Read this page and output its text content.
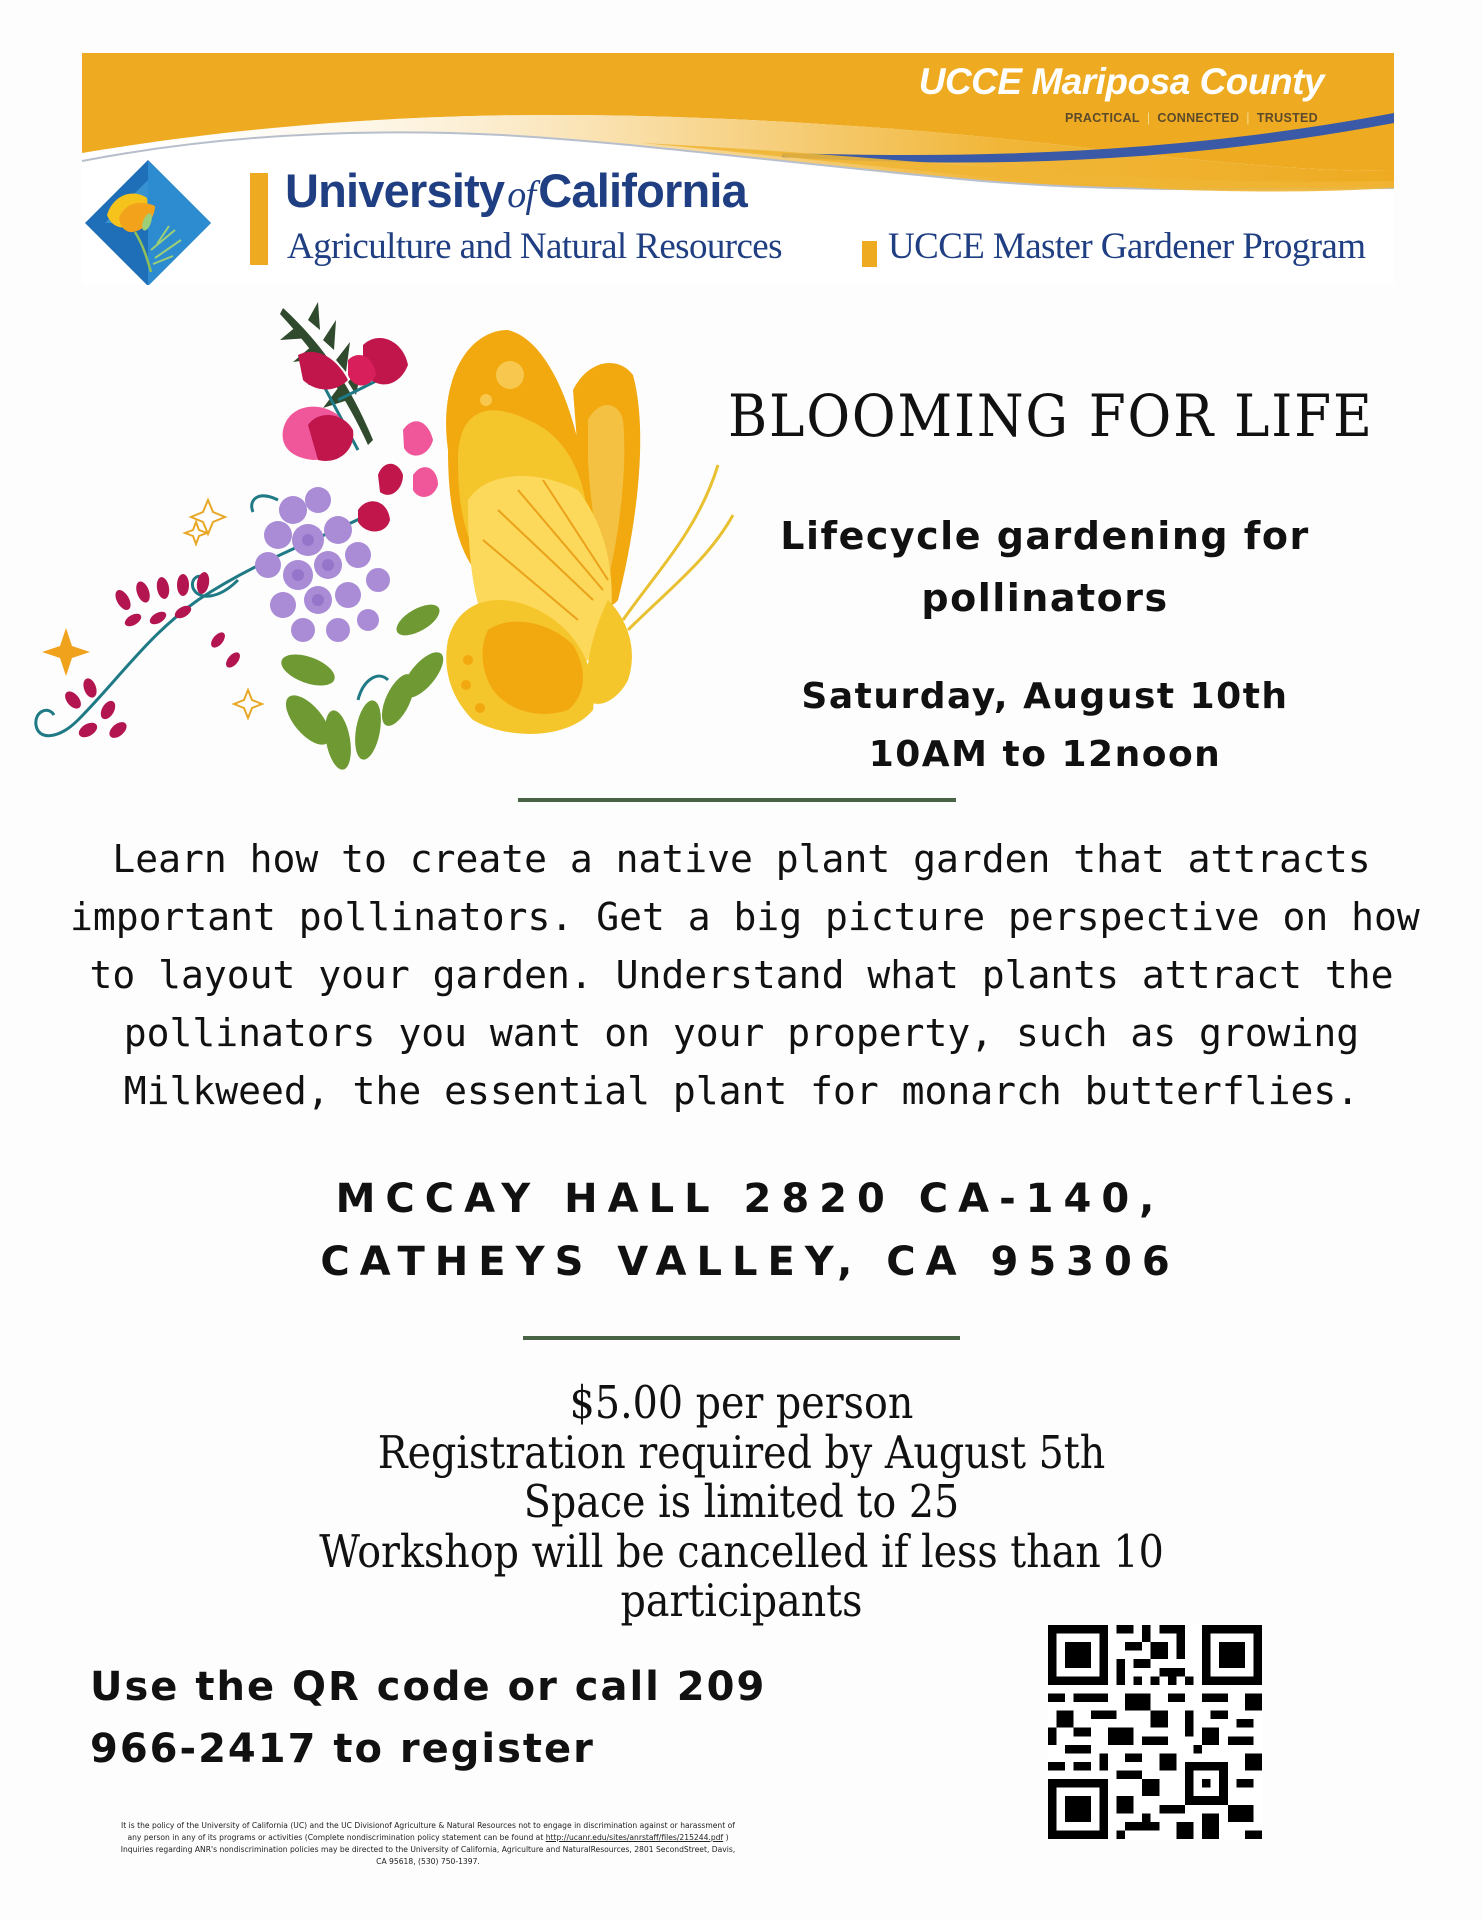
UCCE Mariposa County
PRACTICAL | CONNECTED | TRUSTED
UniversityofCalifornia
Agriculture and Natural Resources	UCCE Master Gardener Program
BLOOMING FOR LIFE
Lifecycle gardening for
pollinators
Saturday, August 10th
10AM to 12noon
Learn how to create a native plant garden that attracts
important pollinators. Get a big picture perspective on how
to layout your garden. Understand what plants attract the
pollinators you want on your property, such as growing
Milkweed, the essential plant for monarch butterflies.
MCCAY HALL 2820 CA-140,
CATHEYS VALLEY, CA 95306
$5.00 per person
Registration required by August 5th
Space is limited to 25
Workshop will be cancelled if less than 10
participants
Use the QR code or call 209
966-2417 to register
It is the policy of the University of California (UC) and the UC Divisionof Agriculture & Natural Resources not to engage in discrimination against or harassment of
any person in any of its programs or activities (Complete nondiscrimination policy statement can be found at http://ucanr.edu/sites/anrstaff/files/215244.pdf )
Inquiries regarding ANR's nondiscrimination policies may be directed to the University of California, Agriculture and NaturalResources, 2801 SecondStreet, Davis,
CA 95618, (530) 750-1397.
